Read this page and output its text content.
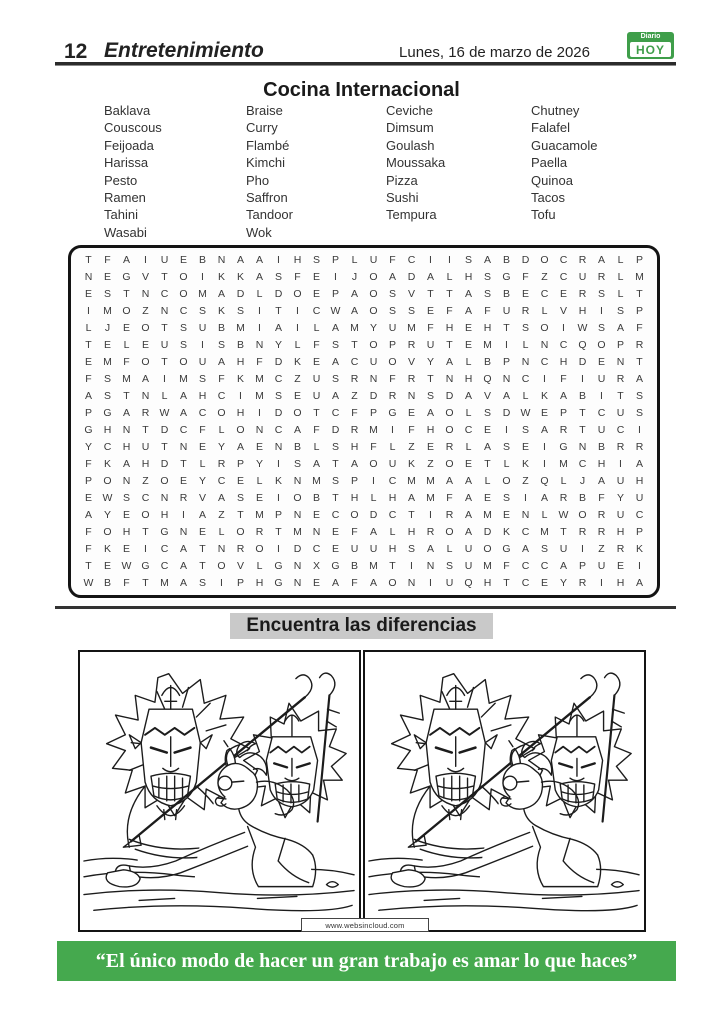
12 Entretenimiento	Lunes, 16 de marzo de 2026
Diario
HOY
Cocina Internacional
Baklava
Couscous
Feijoada
Harissa
Pesto
Ramen
Tahini
Wasabi
Braise
Curry
Flambé
Kimchi
Pho
Saffron
Tandoor
Wok
Ceviche
Dimsum
Goulash
Moussaka
Pizza
Sushi
Tempura
Chutney
Falafel
Guacamole
Paella
Quinoa
Tacos
Tofu
T	F	A	I	U	E	B	N	A	A	I	H	S	P	L	U	F	C	I	I	S	A	B	D	O	C	R	A	L	P
N	E	G	V	T	O	I	K	K	A	S	F	E	I	J	O	A	D	A	L	H	S	G	F	Z	C	U	R	L	M
E	S	T	N	C	O	M	A	D	L	D	O	E	P	A	O	S	V	T	T	A	S	B	E	C	E	R	S	L	T
I	M	O	Z	N	C	S	K	S	I	T	I	C W	A	O	S	S	E	F	A	F	U	R	L	V	H	I	S	P
L	J	E	O	T	S	U	B	M	I	A	I	L	A	M	Y	U	M	F	H	E	H	T	S	O	I	W	S	A	F
T	E	L	E	U	S	I	S	B	N	Y	L	F	S	T	O	P	R	U	T	E	M	I	L	N	C	Q	O	P	R
E	M	F	O	T	O	U	A	H	F	D	K	E	A	C	U	O	V	Y	A	L	B	P	N	C	H	D	E	N	T
F	S	M	A	I	M	S	F	K	M	C	Z	U	S	R	N	F	R	T	N	H	Q	N	C	I	F	I	U	R	A
A	S	T	N	L	A	H	C	I	M	S	E	U	A	Z	D	R	N	S	D	A	V	A	L	K	A	B	I	T	S
P	G	A	R W	A	C	O	H	I	D	O	T	C	F	P	G	E	A	O	L	S	D W	E	P	T	C	U	S
G	H	N	T	D	C	F	L	O	N	C	A	F	D	R	M	I	F	H	O	C	E	I	S	A	R	T	U	C	I
Y	C	H	U	T	N	E	Y	A	E	N	B	L	S	H	F	L	Z	E	R	L	A	S	E	I	G	N	B	R	R
F	K	A	H	D	T	L	R	P	Y	I	S	A	T	A	O	U	K	Z	O	E	T	L	K	I	M	C	H	I	A
P	O	N	Z	O	E	Y	C	E	L	K	N	M	S	P	I	C	M M	A	A	L	O	Z	Q	L	J	A	U	H
E	W	S	C	N	R	V	A	S	E	I	O	B	T	H	L	H	A	M	F	A	E	S	I	A	R	B	F	Y	U
A	Y	E	O	H	I	A	Z	T	M	P	N	E	C	O	D	C	T	I	R	A	M	E	N	L	W O	R	U	C
F	O	H	T	G	N	E	L	O	R	T	M	N	E	F	A	L	H	R	O	A	D	K	C	M	T	R	R	H	P
F	K	E	I	C	A	T	N	R	O	I	D	C	E	U	U	H	S	A	L	U	O	G	A	S	U	I	Z	R	K
T	E	W G	C	A	T	O	V	L	G	N	X	G	B	M	T	I	N	S	U	M	F	C	C	A	P	U	E	I
W	B	F	T	M	A	S	I	P	H	G	N	E	A	F	A	O	N	I	U	Q	H	T	C	E	Y	R	I	H	A
Encuentra las diferencias
www.websincloud.com
“El único modo de hacer un gran trabajo es amar lo que haces”
